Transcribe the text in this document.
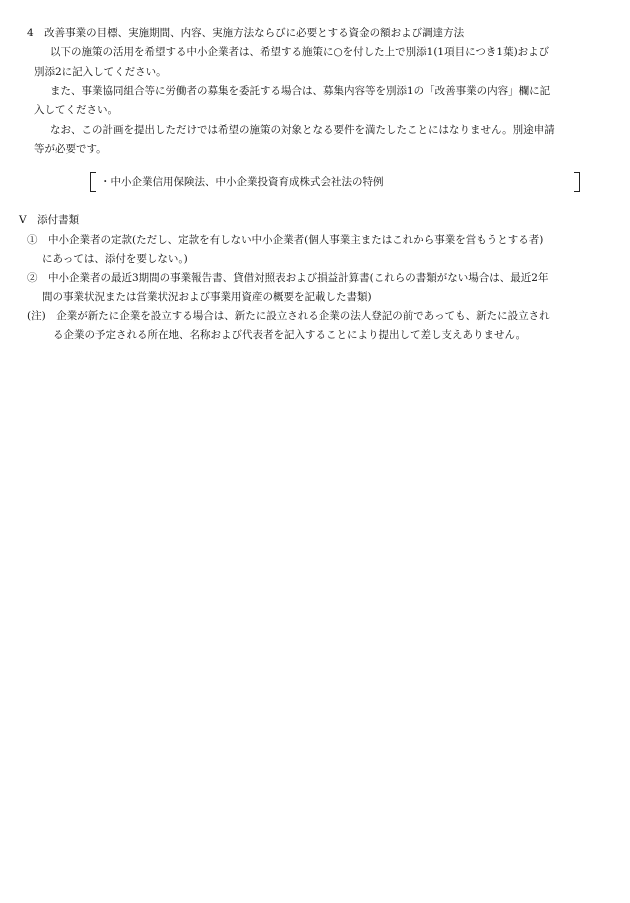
4　改善事業の目標、実施期間、内容、実施方法ならびに必要とする資金の額および調達方法
以下の施策の活用を希望する中小企業者は、希望する施策に○を付した上で別添1(1項目につき1葉)および
別添2に記入してください。
また、事業協同組合等に労働者の募集を委託する場合は、募集内容等を別添1の「改善事業の内容」欄に記
入してください。
なお、この計画を提出しただけでは希望の施策の対象となる要件を満たしたことにはなりません。別途申請
等が必要です。
・中小企業信用保険法、中小企業投資育成株式会社法の特例
V　添付書類
①　中小企業者の定款(ただし、定款を有しない中小企業者(個人事業主またはこれから事業を営もうとする者)
にあっては、添付を要しない。)
②　中小企業者の最近3期間の事業報告書、貸借対照表および損益計算書(これらの書類がない場合は、最近2年
間の事業状況または営業状況および事業用資産の概要を記載した書類)
(注)　企業が新たに企業を設立する場合は、新たに設立される企業の法人登記の前であっても、新たに設立され
る企業の予定される所在地、名称および代表者を記入することにより提出して差し支えありません。
